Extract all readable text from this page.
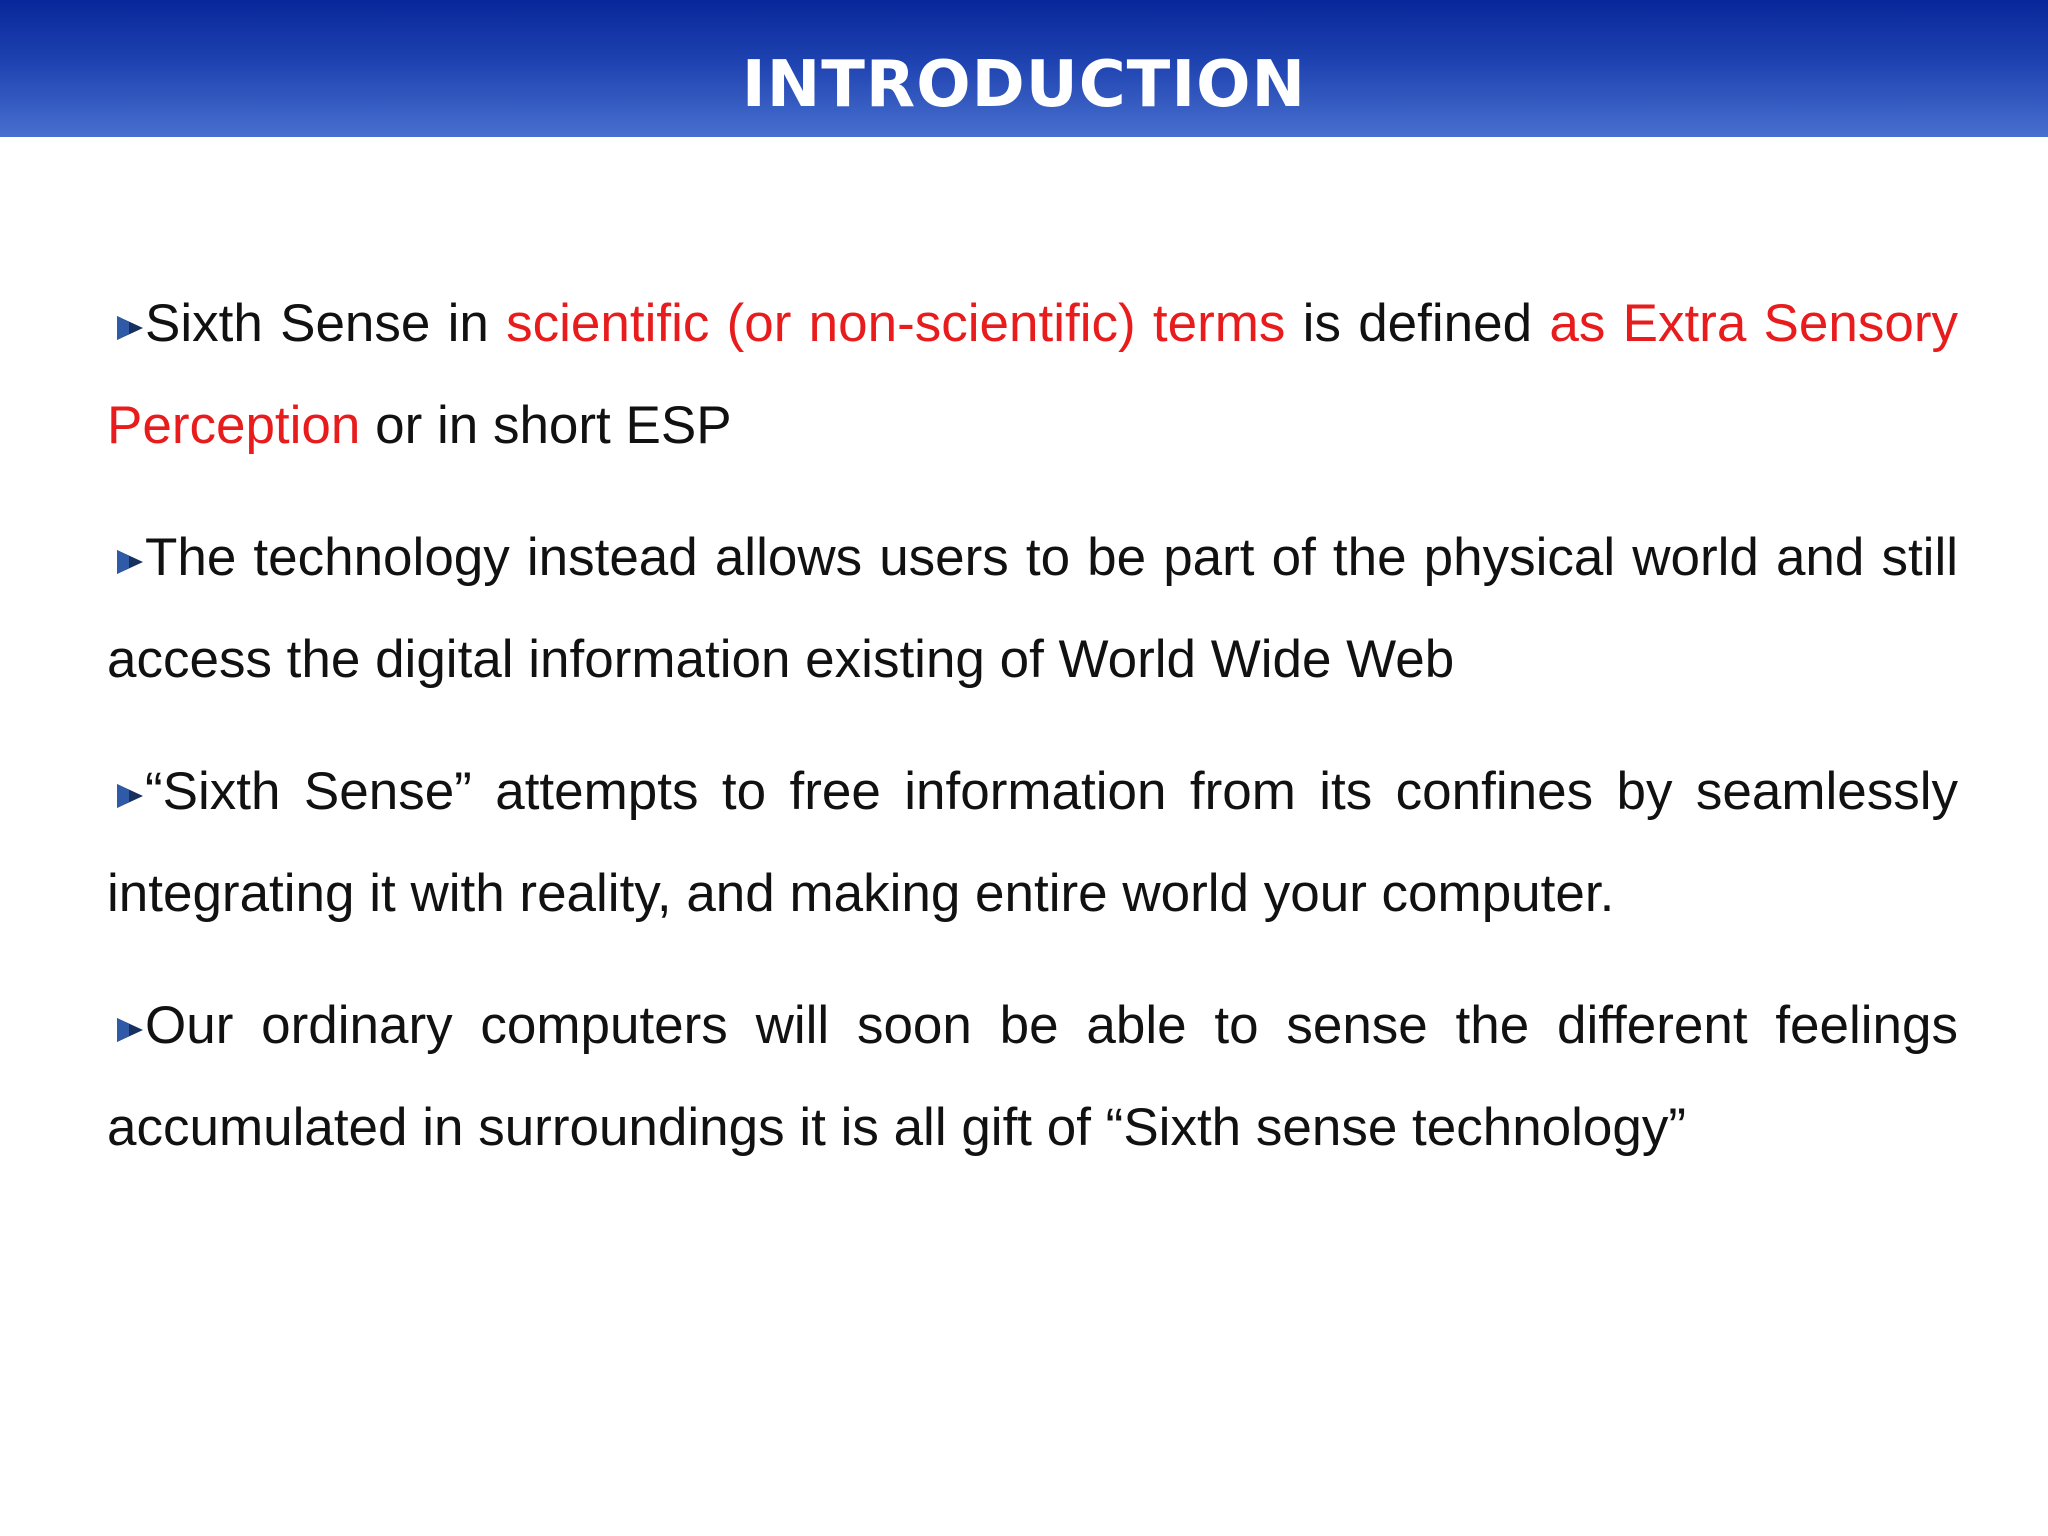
INTRODUCTION

Sixth Sense in scientific (or non-scientific) terms is defined as Extra Sensory Perception or in short ESP

The technology instead allows users to be part of the physical world and still access the digital information existing of World Wide Web

“Sixth Sense” attempts to free information from its confines by seamlessly integrating it with reality, and making entire world your computer.

Our ordinary computers will soon be able to sense the different feelings accumulated in surroundings it is all gift of “Sixth sense technology”
